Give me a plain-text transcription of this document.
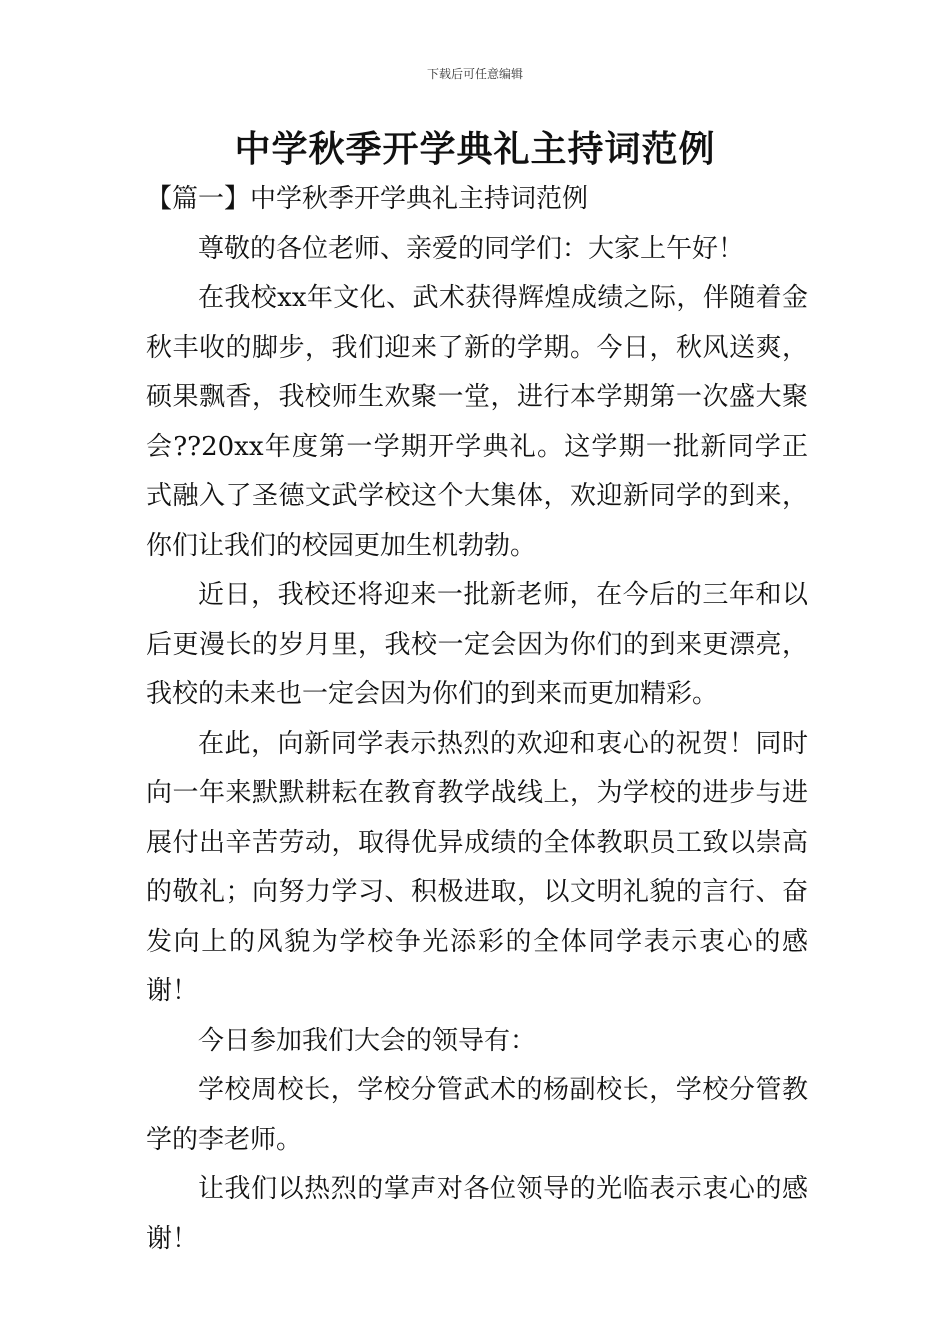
下载后可任意编辑
中学秋季开学典礼主持词范例
【篇一】中学秋季开学典礼主持词范例

尊敬的各位老师、亲爱的同学们：大家上午好！

在我校xx年文化、武术获得辉煌成绩之际，伴随着金秋丰收的脚步，我们迎来了新的学期。今日，秋风送爽，硕果飘香，我校师生欢聚一堂，进行本学期第一次盛大聚会??20xx年度第一学期开学典礼。这学期一批新同学正式融入了圣德文武学校这个大集体，欢迎新同学的到来，你们让我们的校园更加生机勃勃。

近日，我校还将迎来一批新老师，在今后的三年和以后更漫长的岁月里，我校一定会因为你们的到来更漂亮，我校的未来也一定会因为你们的到来而更加精彩。

在此，向新同学表示热烈的欢迎和衷心的祝贺！同时向一年来默默耕耘在教育教学战线上，为学校的进步与进展付出辛苦劳动，取得优异成绩的全体教职员工致以崇高的敬礼；向努力学习、积极进取，以文明礼貌的言行、奋发向上的风貌为学校争光添彩的全体同学表示衷心的感谢！

今日参加我们大会的领导有：

学校周校长，学校分管武术的杨副校长，学校分管教学的李老师。

让我们以热烈的掌声对各位领导的光临表示衷心的感谢！
